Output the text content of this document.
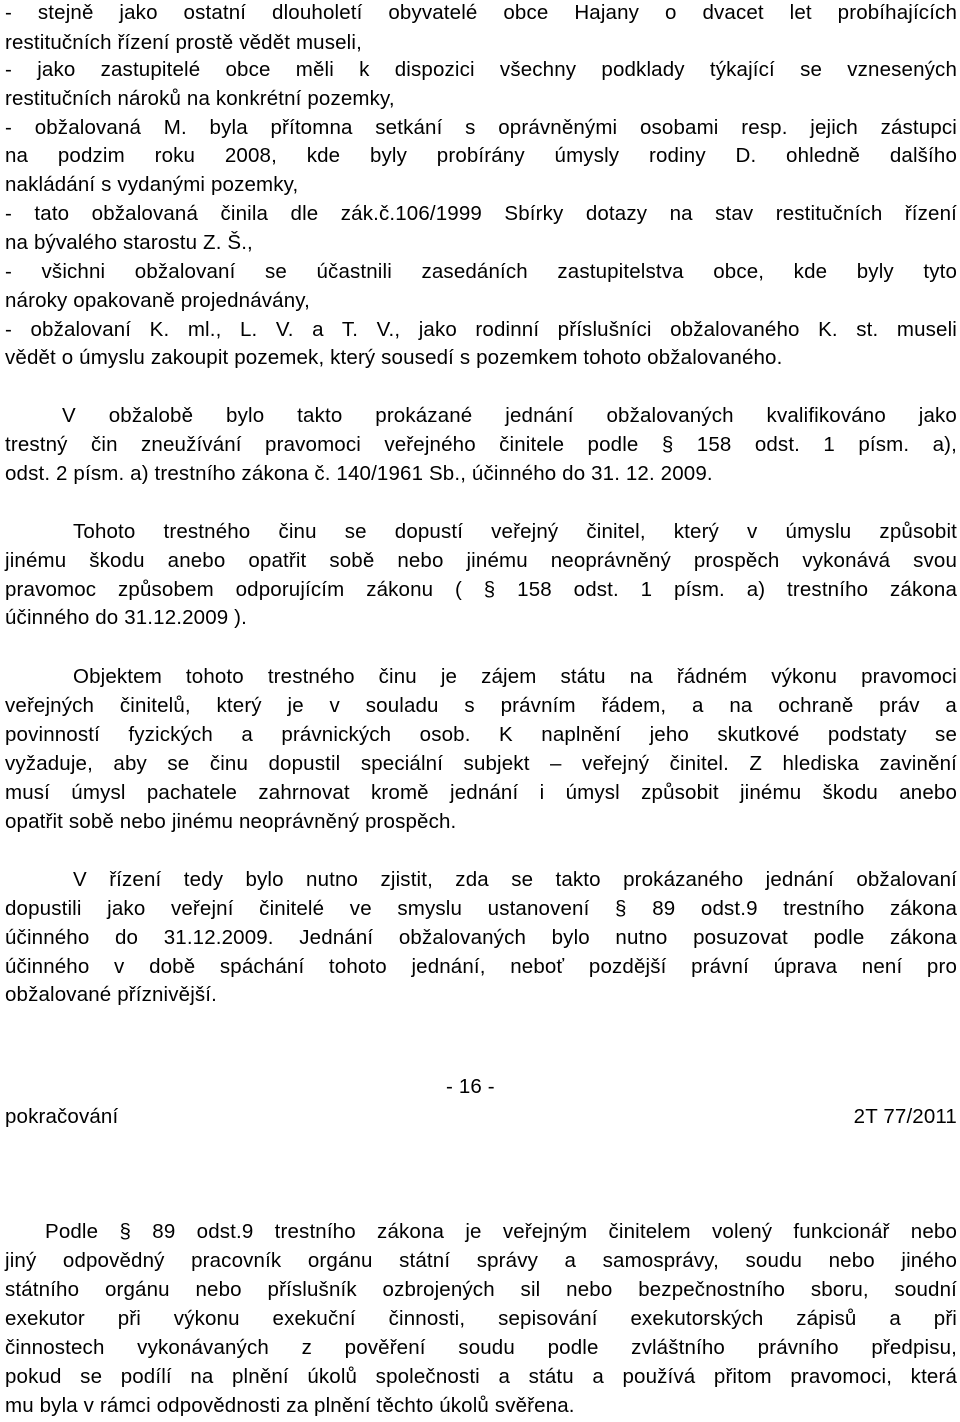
- stejně jako ostatní dlouholetí obyvatelé obce Hajany o dvacet let probíhajících
restitučních řízení prostě vědět museli,
- jako zastupitelé obce měli k dispozici všechny podklady týkající se vznesených
restitučních nároků na konkrétní pozemky,
- obžalovaná M. byla přítomna setkání s oprávněnými osobami resp. jejich zástupci
na podzim roku 2008, kde byly probírány úmysly rodiny D. ohledně dalšího
nakládání s vydanými pozemky,
- tato obžalovaná činila dle zák.č.106/1999 Sbírky dotazy na stav restitučních řízení
na bývalého starostu Z. Š.,
- všichni obžalovaní se účastnili zasedáních zastupitelstva obce, kde byly tyto
nároky opakovaně projednávány,
- obžalovaní K. ml., L. V. a T. V., jako rodinní příslušníci obžalovaného K. st. museli
vědět o úmyslu zakoupit pozemek, který sousedí s pozemkem tohoto obžalovaného.
V obžalobě bylo takto prokázané jednání obžalovaných kvalifikováno jako
trestný čin zneužívání pravomoci veřejného činitele podle § 158 odst. 1 písm. a),
odst. 2 písm. a) trestního zákona č. 140/1961 Sb., účinného do 31. 12. 2009.
Tohoto trestného činu se dopustí veřejný činitel, který v úmyslu způsobit
jinému škodu anebo opatřit sobě nebo jinému neoprávněný prospěch vykonává svou
pravomoc způsobem odporujícím zákonu ( § 158 odst. 1 písm. a) trestního zákona
účinného do 31.12.2009 ).
Objektem tohoto trestného činu je zájem státu na řádném výkonu pravomoci
veřejných činitelů, který je v souladu s právním řádem, a na ochraně práv a
povinností fyzických a právnických osob. K naplnění jeho skutkové podstaty se
vyžaduje, aby se činu dopustil speciální subjekt – veřejný činitel. Z hlediska zavinění
musí úmysl pachatele zahrnovat kromě jednání i úmysl způsobit jinému škodu anebo
opatřit sobě nebo jinému neoprávněný prospěch.
V řízení tedy bylo nutno zjistit, zda se takto prokázaného jednání obžalovaní
dopustili jako veřejní činitelé ve smyslu ustanovení § 89 odst.9 trestního zákona
účinného do 31.12.2009. Jednání obžalovaných bylo nutno posuzovat podle zákona
účinného v době spáchání tohoto jednání, neboť pozdější právní úprava není pro
obžalované příznivější.
Podle § 89 odst.9 trestního zákona je veřejným činitelem volený funkcionář nebo
jiný odpovědný pracovník orgánu státní správy a samosprávy, soudu nebo jiného
státního orgánu nebo příslušník ozbrojených sil nebo bezpečnostního sboru, soudní
exekutor při výkonu exekuční činnosti, sepisování exekutorských zápisů a při
činnostech vykonávaných z pověření soudu podle zvláštního právního předpisu,
pokud se podílí na plnění úkolů společnosti a státu a používá přitom pravomoci, která
mu byla v rámci odpovědnosti za plnění těchto úkolů svěřena.
- 16 -
pokračování	2T 77/2011
